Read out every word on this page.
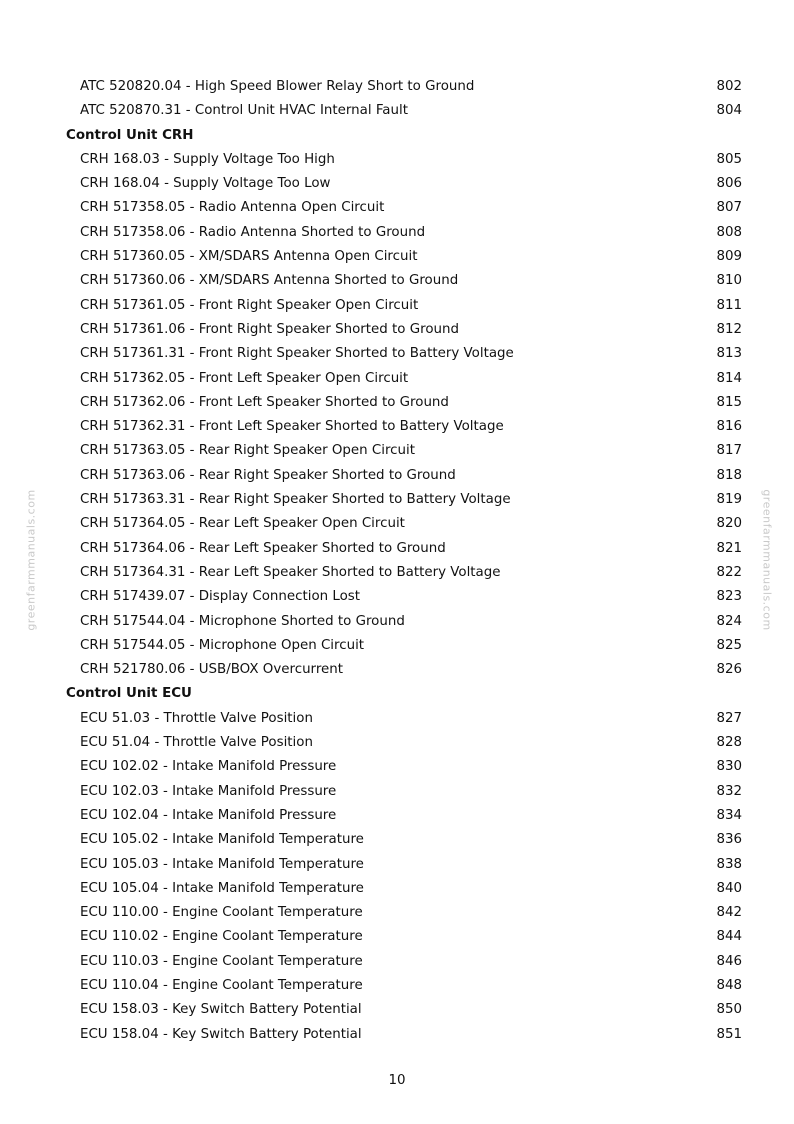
ATC 520820.04 - High Speed Blower Relay Short to Ground	802
ATC 520870.31 - Control Unit HVAC Internal Fault	804
Control Unit CRH
CRH 168.03 - Supply Voltage Too High	805
CRH 168.04 - Supply Voltage Too Low	806
CRH 517358.05 - Radio Antenna Open Circuit	807
CRH 517358.06 - Radio Antenna Shorted to Ground	808
CRH 517360.05 - XM/SDARS Antenna Open Circuit	809
CRH 517360.06 - XM/SDARS Antenna Shorted to Ground	810
CRH 517361.05 - Front Right Speaker Open Circuit	811
CRH 517361.06 - Front Right Speaker Shorted to Ground	812
CRH 517361.31 - Front Right Speaker Shorted to Battery Voltage	813
CRH 517362.05 - Front Left Speaker Open Circuit	814
CRH 517362.06 - Front Left Speaker Shorted to Ground	815
CRH 517362.31 - Front Left Speaker Shorted to Battery Voltage	816
CRH 517363.05 - Rear Right Speaker Open Circuit	817
CRH 517363.06 - Rear Right Speaker Shorted to Ground	818
CRH 517363.31 - Rear Right Speaker Shorted to Battery Voltage	819
CRH 517364.05 - Rear Left Speaker Open Circuit	820
CRH 517364.06 - Rear Left Speaker Shorted to Ground	821
CRH 517364.31 - Rear Left Speaker Shorted to Battery Voltage	822
CRH 517439.07 - Display Connection Lost	823
CRH 517544.04 - Microphone Shorted to Ground	824
CRH 517544.05 - Microphone Open Circuit	825
CRH 521780.06 - USB/BOX Overcurrent	826
Control Unit ECU
ECU 51.03 - Throttle Valve Position	827
ECU 51.04 - Throttle Valve Position	828
ECU 102.02 - Intake Manifold Pressure	830
ECU 102.03 - Intake Manifold Pressure	832
ECU 102.04 - Intake Manifold Pressure	834
ECU 105.02 - Intake Manifold Temperature	836
ECU 105.03 - Intake Manifold Temperature	838
ECU 105.04 - Intake Manifold Temperature	840
ECU 110.00 - Engine Coolant Temperature	842
ECU 110.02 - Engine Coolant Temperature	844
ECU 110.03 - Engine Coolant Temperature	846
ECU 110.04 - Engine Coolant Temperature	848
ECU 158.03 - Key Switch Battery Potential	850
ECU 158.04 - Key Switch Battery Potential	851
greenfarmmanuals.com	greenfarmmanuals.com
10
